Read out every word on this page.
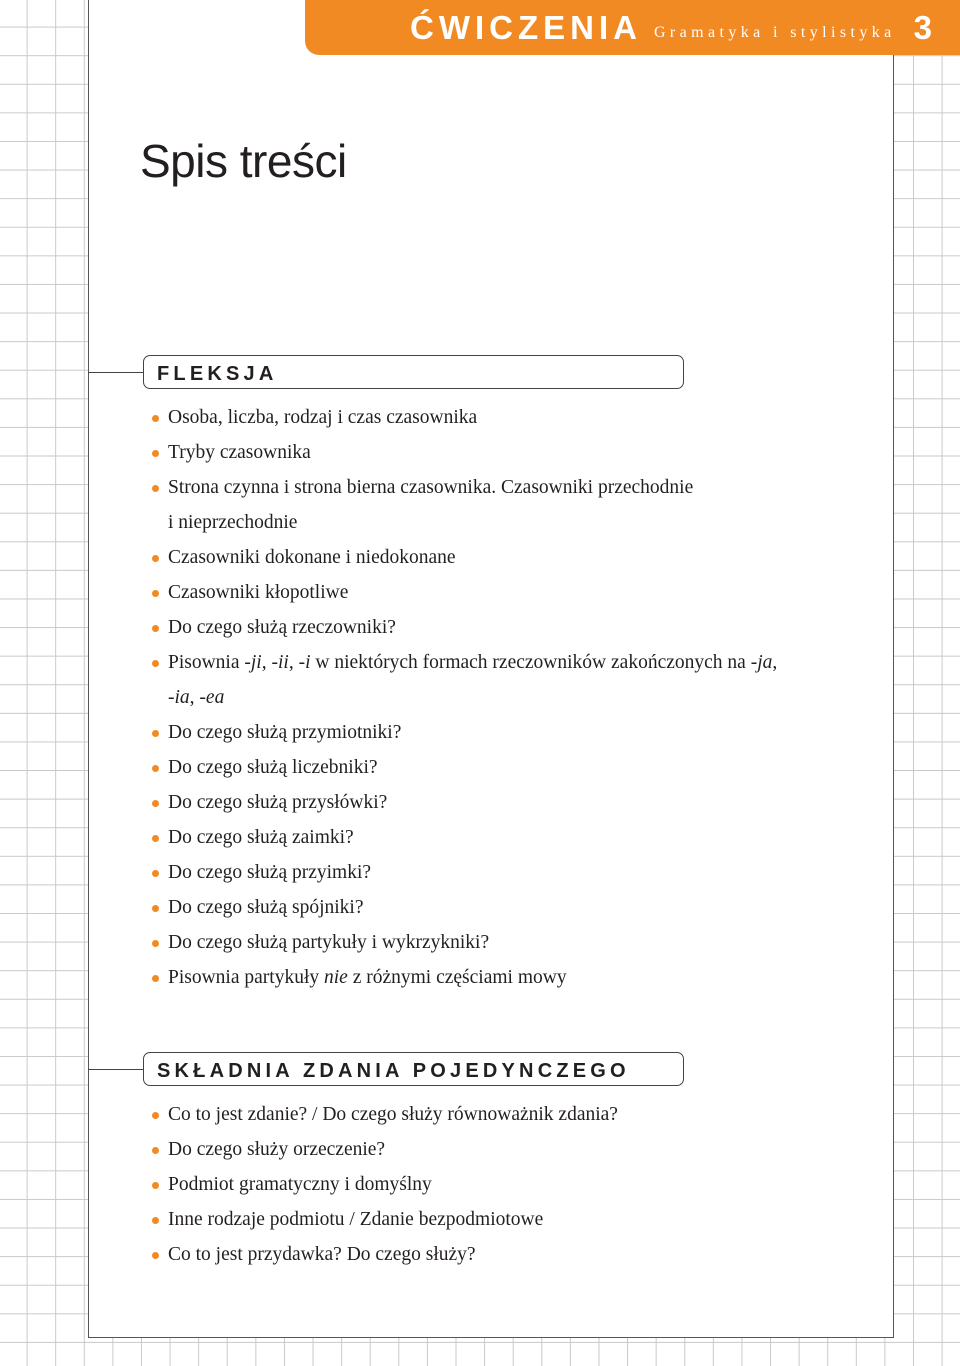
ĆWICZENIA Gramatyka i stylistyka 3
Spis treści
FLEKSJA
Osoba, liczba, rodzaj i czas czasownika
Tryby czasownika
Strona czynna i strona bierna czasownika. Czasowniki przechodnie
i nieprzechodnie
Czasowniki dokonane i niedokonane
Czasowniki kłopotliwe
Do czego służą rzeczowniki?
Pisownia -ji, -ii, -i w niektórych formach rzeczowników zakończonych na -ja,
-ia, -ea
Do czego służą przymiotniki?
Do czego służą liczebniki?
Do czego służą przysłówki?
Do czego służą zaimki?
Do czego służą przyimki?
Do czego służą spójniki?
Do czego służą partykuły i wykrzykniki?
Pisownia partykuły nie z różnymi częściami mowy
SKŁADNIA ZDANIA POJEDYNCZEGO
Co to jest zdanie? / Do czego służy równoważnik zdania?
Do czego służy orzeczenie?
Podmiot gramatyczny i domyślny
Inne rodzaje podmiotu / Zdanie bezpodmiotowe
Co to jest przydawka? Do czego służy?
